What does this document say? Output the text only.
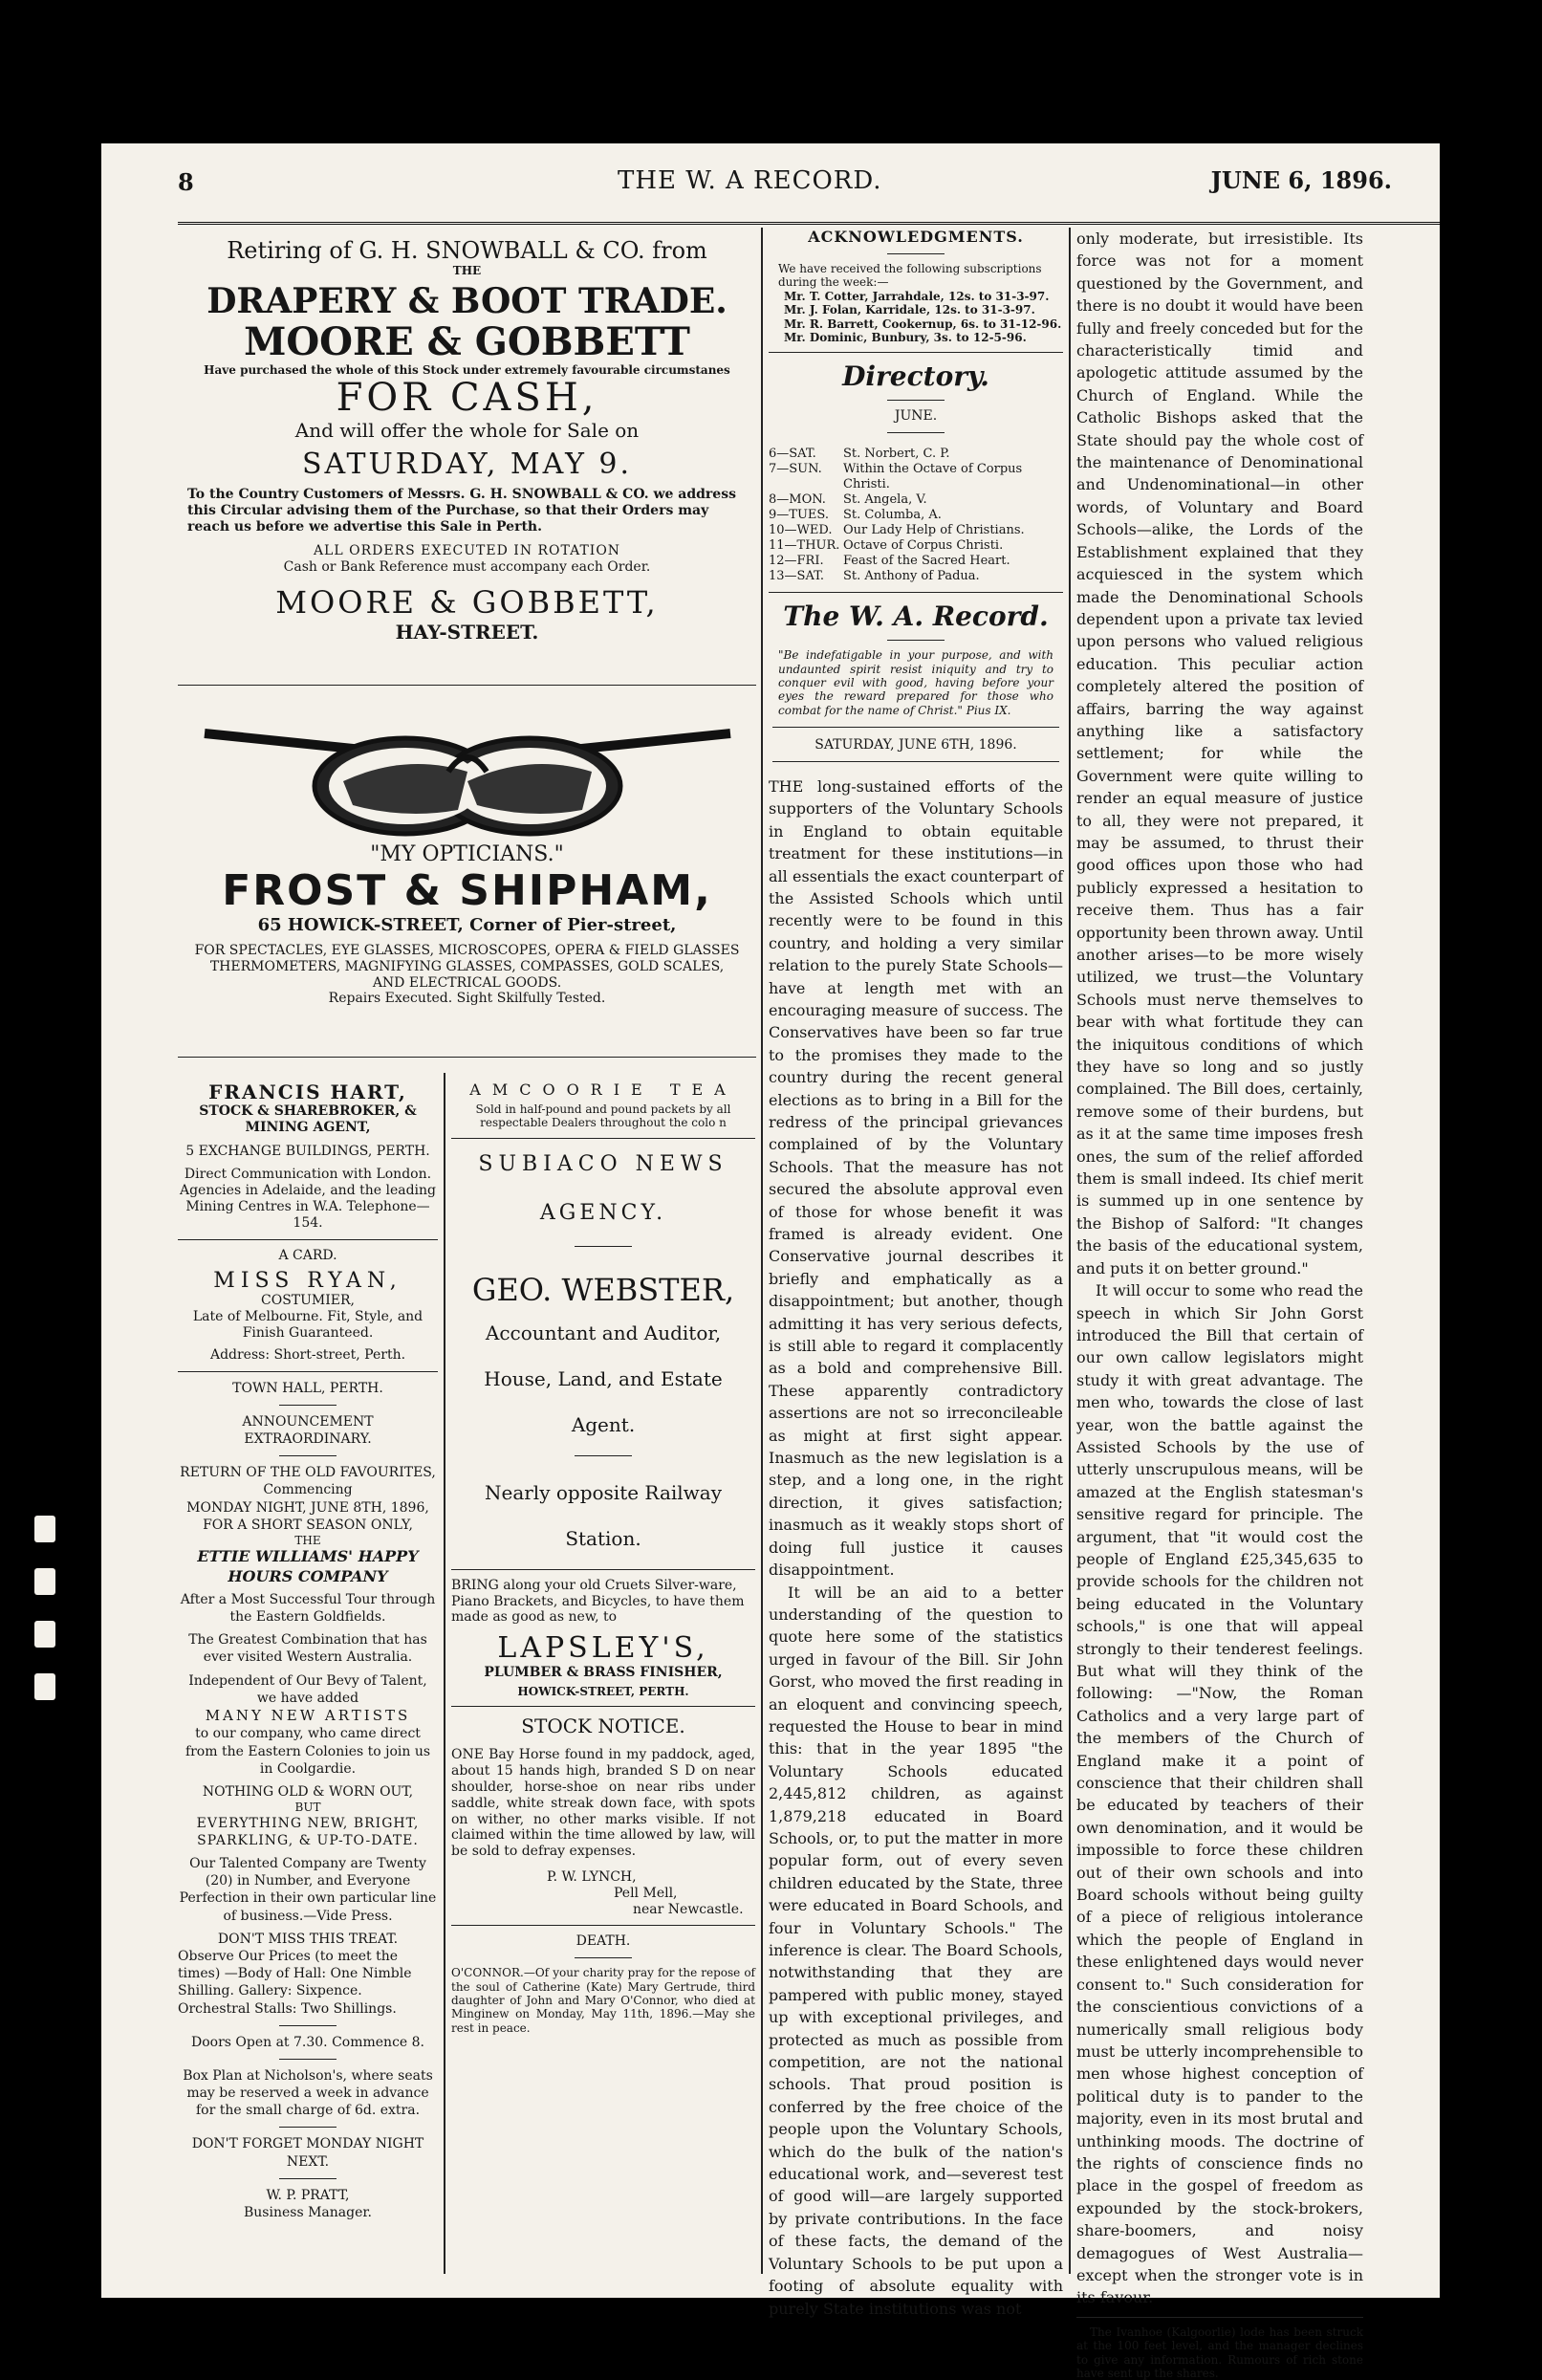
8	THE W. A RECORD.	JUNE 6, 1896.
Retiring of G. H. SNOWBALL & CO. from
THE
DRAPERY & BOOT TRADE.
MOORE & GOBBETT
Have purchased the whole of this Stock under extremely favourable circumstanes
FOR CASH,
And will offer the whole for Sale on
SATURDAY, MAY 9.
To the Country Customers of Messrs. G. H. SNOWBALL & CO. we address this Circular advising them of the Purchase, so that their Orders may reach us before we advertise this Sale in Perth.
ALL ORDERS EXECUTED IN ROTATION
Cash or Bank Reference must accompany each Order.
MOORE & GOBBETT,
HAY-STREET.
"MY OPTICIANS."
FROST & SHIPHAM,
65 HOWICK-STREET, Corner of Pier-street,
FOR SPECTACLES, EYE GLASSES, MICROSCOPES, OPERA & FIELD GLASSES
THERMOMETERS, MAGNIFYING GLASSES, COMPASSES, GOLD SCALES,
AND ELECTRICAL GOODS.
Repairs Executed. Sight Skilfully Tested.
FRANCIS HART,
STOCK & SHAREBROKER, & MINING AGENT,
5 EXCHANGE BUILDINGS, PERTH.
Direct Communication with London. Agencies in Adelaide, and the leading Mining Centres in W.A. Telephone—154.
A CARD.
MISS RYAN,
COSTUMIER,
Late of Melbourne. Fit, Style, and Finish Guaranteed.
Address: Short-street, Perth.
TOWN HALL, PERTH.
ANNOUNCEMENT EXTRAORDINARY.
RETURN OF THE OLD FAVOURITES,
Commencing
MONDAY NIGHT, JUNE 8TH, 1896,
FOR A SHORT SEASON ONLY,
THE
ETTIE WILLIAMS' HAPPY HOURS COMPANY
After a Most Successful Tour through the Eastern Goldfields.
The Greatest Combination that has ever visited Western Australia.
Independent of Our Bevy of Talent, we have added
MANY NEW ARTISTS
to our company, who came direct from the Eastern Colonies to join us in Coolgardie.
NOTHING OLD & WORN OUT,
BUT
EVERYTHING NEW, BRIGHT, SPARKLING, & UP-TO-DATE.
Our Talented Company are Twenty (20) in Number, and Everyone Perfection in their own particular line of business.—Vide Press.
DON'T MISS THIS TREAT.
Observe Our Prices (to meet the times) —Body of Hall: One Nimble Shilling. Gallery: Sixpence. Orchestral Stalls: Two Shillings.
Doors Open at 7.30. Commence 8.
Box Plan at Nicholson's, where seats may be reserved a week in advance for the small charge of 6d. extra.
DON'T FORGET MONDAY NIGHT NEXT.
W. P. PRATT,
Business Manager.
AMCOORIE TEA
Sold in half-pound and pound packets by all respectable Dealers throughout the colo n
SUBIACO NEWS
AGENCY.
GEO. WEBSTER,
Accountant and Auditor,
House, Land, and Estate
Agent.
Nearly opposite Railway
Station.
BRING along your old Cruets Silver-ware, Piano Brackets, and Bicycles, to have them made as good as new, to
LAPSLEY'S,
PLUMBER & BRASS FINISHER,
HOWICK-STREET, PERTH.
STOCK NOTICE.
ONE Bay Horse found in my paddock, aged, about 15 hands high, branded S D on near shoulder, horse-shoe on near ribs under saddle, white streak down face, with spots on wither, no other marks visible. If not claimed within the time allowed by law, will be sold to defray expenses.
P. W. LYNCH,
Pell Mell,
near Newcastle.
DEATH.
O'CONNOR.—Of your charity pray for the repose of the soul of Catherine (Kate) Mary Gertrude, third daughter of John and Mary O'Connor, who died at Minginew on Monday, May 11th, 1896.—May she rest in peace.
ACKNOWLEDGMENTS.
We have received the following subscriptions during the week:—
Mr. T. Cotter, Jarrahdale, 12s. to 31-3-97.
Mr. J. Folan, Karridale, 12s. to 31-3-97.
Mr. R. Barrett, Cookernup, 6s. to 31-12-96.
Mr. Dominic, Bunbury, 3s. to 12-5-96.
Directory.
JUNE.
6—SAT.	St. Norbert, C. P.
7—SUN.	Within the Octave of Corpus Christi.
8—MON.	St. Angela, V.
9—TUES.	St. Columba, A.
10—WED. Our Lady Help of Christians.
11—THUR. Octave of Corpus Christi.
12—FRI.	Feast of the Sacred Heart.
13—SAT.	St. Anthony of Padua.
The W. A. Record.
"Be indefatigable in your purpose, and with undaunted spirit resist iniquity and try to conquer evil with good, having before your eyes the reward prepared for those who combat for the name of Christ." Pius IX.
SATURDAY, JUNE 6TH, 1896.
THE long-sustained efforts of the supporters of the Voluntary Schools in England to obtain equitable treatment for these institutions—in all essentials the exact counterpart of the Assisted Schools which until recently were to be found in this country, and holding a very similar relation to the purely State Schools—have at length met with an encouraging measure of success. The Conservatives have been so far true to the promises they made to the country during the recent general elections as to bring in a Bill for the redress of the principal grievances complained of by the Voluntary Schools. That the measure has not secured the absolute approval even of those for whose benefit it was framed is already evident. One Conservative journal describes it briefly and emphatically as a disappointment; but another, though admitting it has very serious defects, is still able to regard it complacently as a bold and comprehensive Bill. These apparently contradictory assertions are not so irreconcileable as might at first sight appear. Inasmuch as the new legislation is a step, and a long one, in the right direction, it gives satisfaction; inasmuch as it weakly stops short of doing full justice it causes disappointment.
It will be an aid to a better understanding of the question to quote here some of the statistics urged in favour of the Bill. Sir John Gorst, who moved the first reading in an eloquent and convincing speech, requested the House to bear in mind this: that in the year 1895 "the Voluntary Schools educated 2,445,812 children, as against 1,879,218 educated in Board Schools, or, to put the matter in more popular form, out of every seven children educated by the State, three were educated in Board Schools, and four in Voluntary Schools." The inference is clear. The Board Schools, notwithstanding that they are pampered with public money, stayed up with exceptional privileges, and protected as much as possible from competition, are not the national schools. That proud position is conferred by the free choice of the people upon the Voluntary Schools, which do the bulk of the nation's educational work, and—severest test of good will—are largely supported by private contributions. In the face of these facts, the demand of the Voluntary Schools to be put upon a footing of absolute equality with purely State institutions was not
only moderate, but irresistible. Its force was not for a moment questioned by the Government, and there is no doubt it would have been fully and freely conceded but for the characteristically timid and apologetic attitude assumed by the Church of England. While the Catholic Bishops asked that the State should pay the whole cost of the maintenance of Denominational and Undenominational—in other words, of Voluntary and Board Schools—alike, the Lords of the Establishment explained that they acquiesced in the system which made the Denominational Schools dependent upon a private tax levied upon persons who valued religious education. This peculiar action completely altered the position of affairs, barring the way against anything like a satisfactory settlement; for while the Government were quite willing to render an equal measure of justice to all, they were not prepared, it may be assumed, to thrust their good offices upon those who had publicly expressed a hesitation to receive them. Thus has a fair opportunity been thrown away. Until another arises—to be more wisely utilized, we trust—the Voluntary Schools must nerve themselves to bear with what fortitude they can the iniquitous conditions of which they have so long and so justly complained. The Bill does, certainly, remove some of their burdens, but as it at the same time imposes fresh ones, the sum of the relief afforded them is small indeed. Its chief merit is summed up in one sentence by the Bishop of Salford: "It changes the basis of the educational system, and puts it on better ground."
It will occur to some who read the speech in which Sir John Gorst introduced the Bill that certain of our own callow legislators might study it with great advantage. The men who, towards the close of last year, won the battle against the Assisted Schools by the use of utterly unscrupulous means, will be amazed at the English statesman's sensitive regard for principle. The argument, that "it would cost the people of England £25,345,635 to provide schools for the children not being educated in the Voluntary schools," is one that will appeal strongly to their tenderest feelings. But what will they think of the following: —"Now, the Roman Catholics and a very large part of the members of the Church of England make it a point of conscience that their children shall be educated by teachers of their own denomination, and it would be impossible to force these children out of their own schools and into Board schools without being guilty of a piece of religious intolerance which the people of England in these enlightened days would never consent to." Such consideration for the conscientious convictions of a numerically small religious body must be utterly incomprehensible to men whose highest conception of political duty is to pander to the majority, even in its most brutal and unthinking moods. The doctrine of the rights of conscience finds no place in the gospel of freedom as expounded by the stock-brokers, share-boomers, and noisy demagogues of West Australia—except when the stronger vote is in its favour.
The Ivanhoe (Kalgoorlie) lode has been struck at the 100 feet level, and the manager declines to give any information. Rumours of rich stone have sent up the shares.
